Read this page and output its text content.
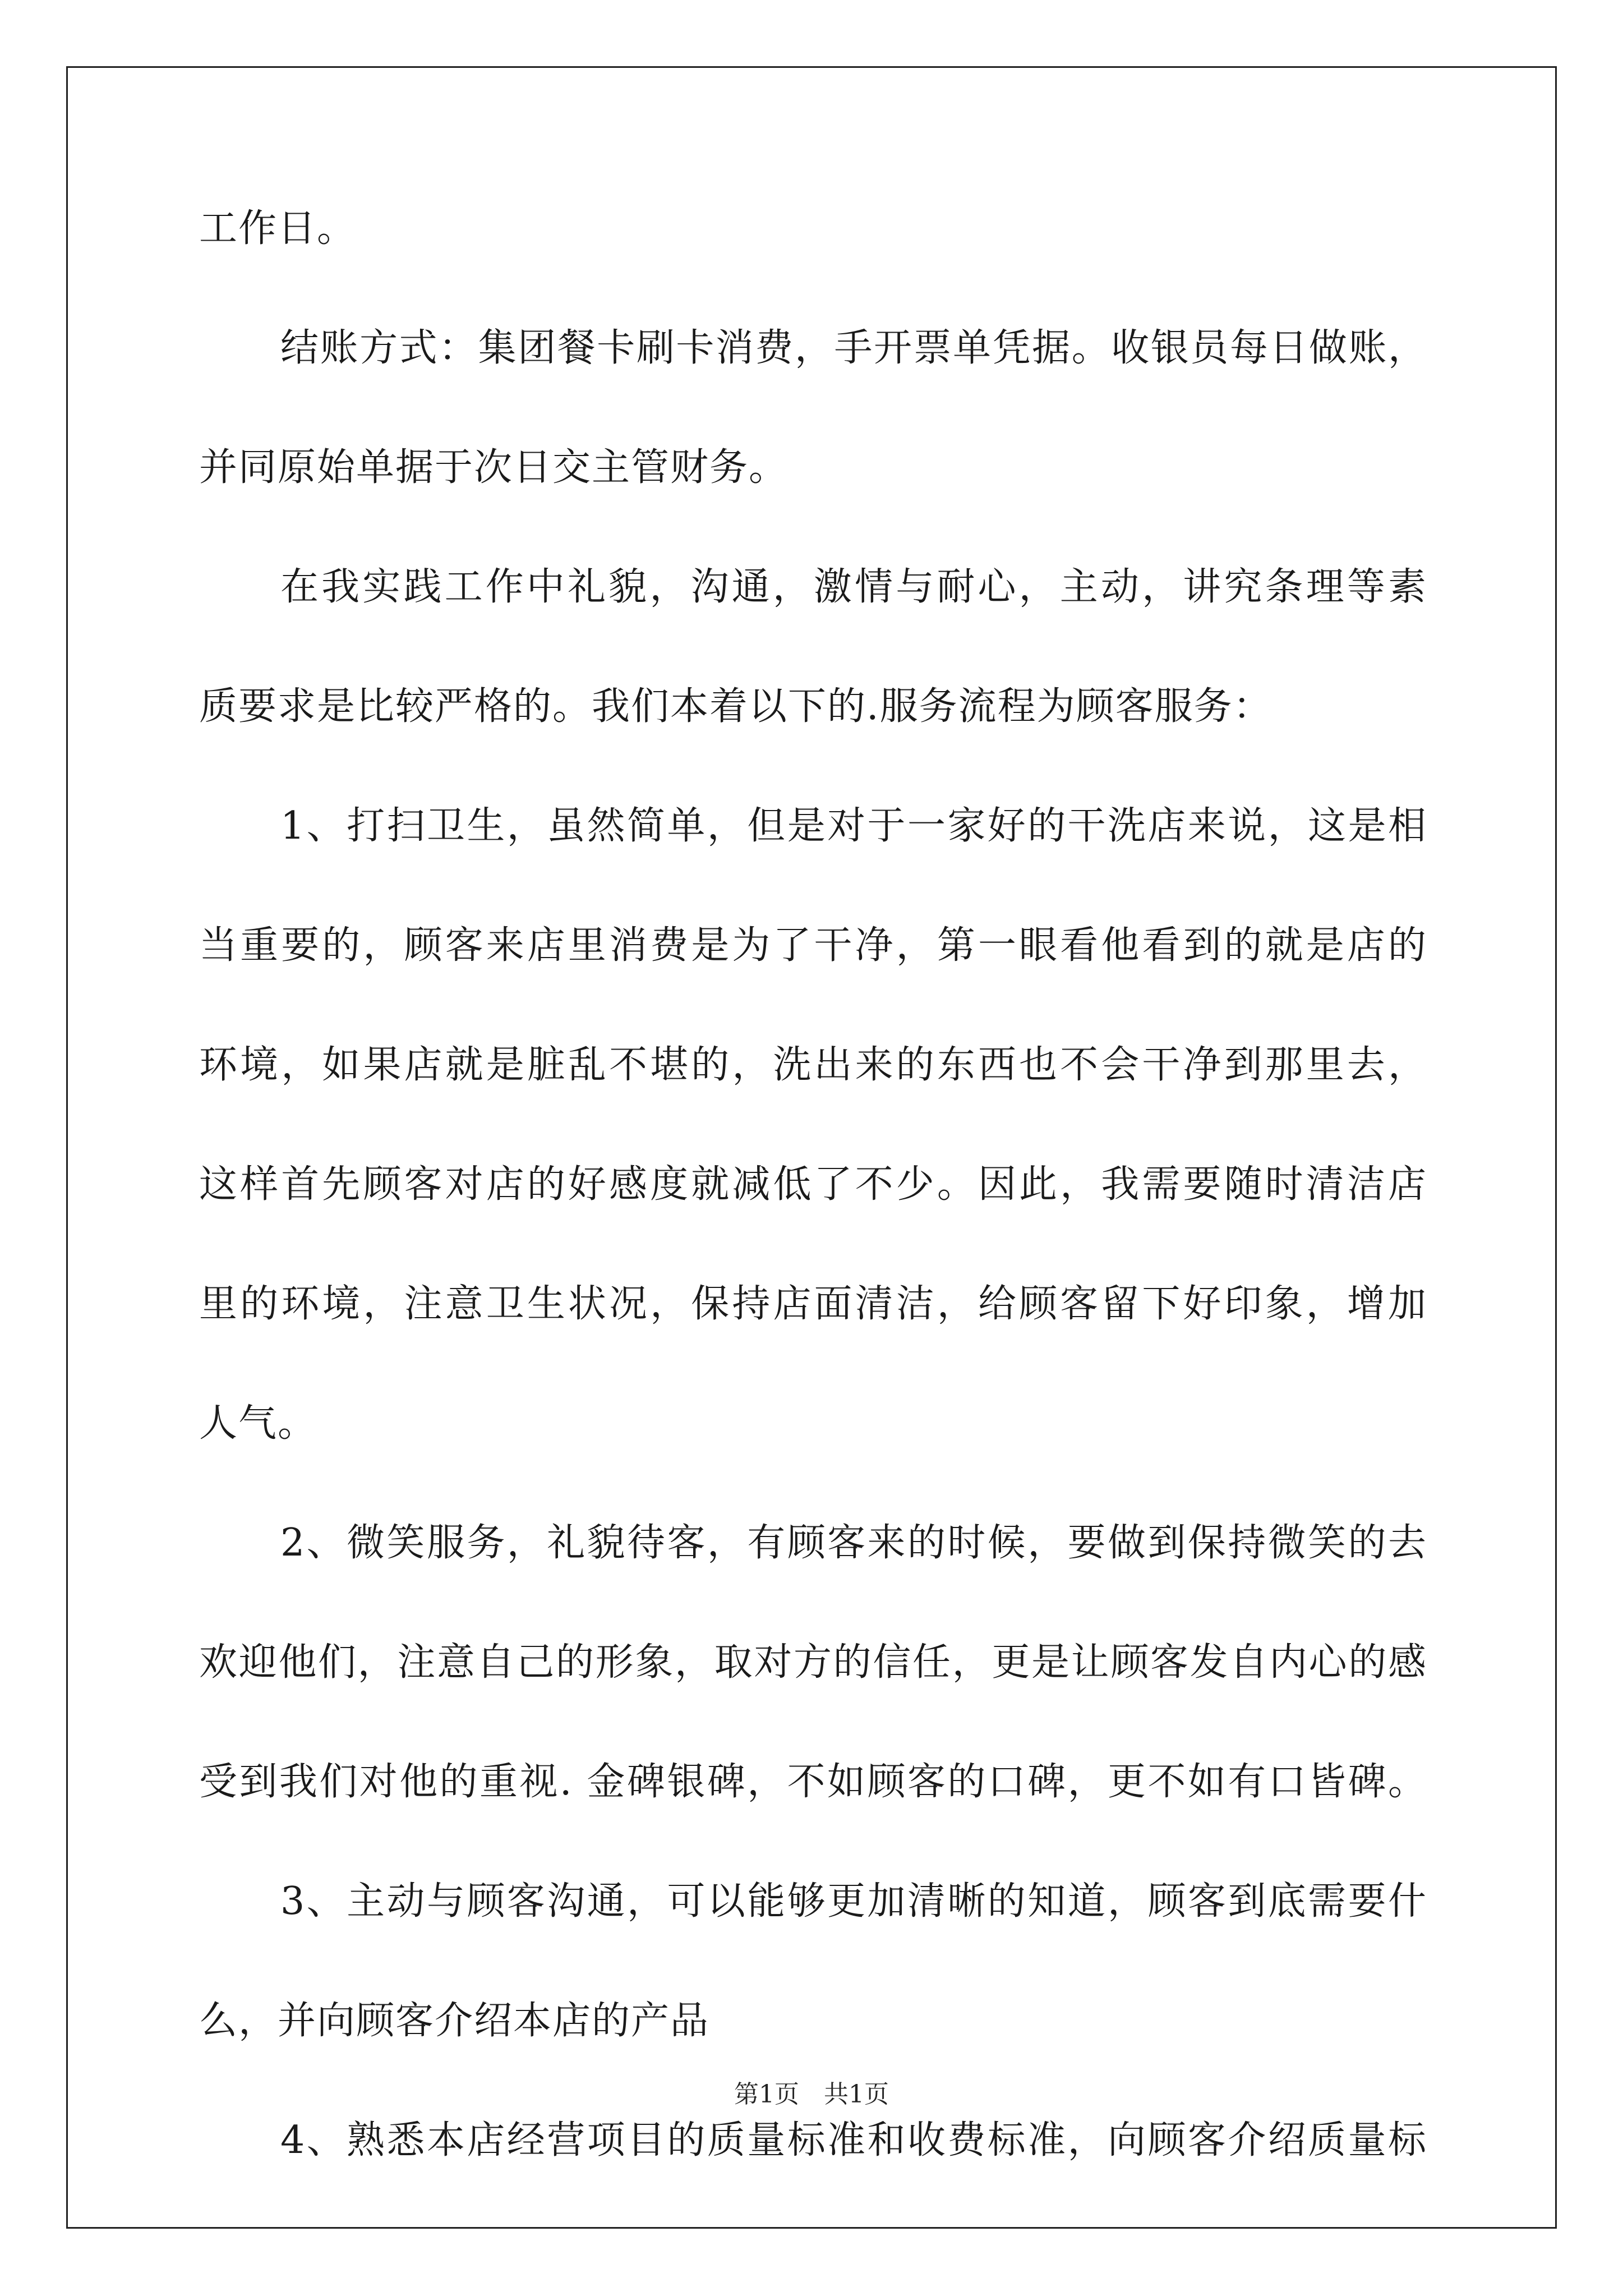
工作日。
结账方式：集团餐卡刷卡消费，手开票单凭据。收银员每日做账，
并同原始单据于次日交主管财务。
在我实践工作中礼貌，沟通，激情与耐心，主动，讲究条理等素
质要求是比较严格的。我们本着以下的.服务流程为顾客服务：
1、打扫卫生，虽然简单，但是对于一家好的干洗店来说，这是相
当重要的，顾客来店里消费是为了干净，第一眼看他看到的就是店的
环境，如果店就是脏乱不堪的，洗出来的东西也不会干净到那里去，
这样首先顾客对店的好感度就减低了不少。因此，我需要随时清洁店
里的环境，注意卫生状况，保持店面清洁，给顾客留下好印象，增加
人气。
2、微笑服务，礼貌待客，有顾客来的时候，要做到保持微笑的去
欢迎他们，注意自己的形象，取对方的信任，更是让顾客发自内心的感
受到我们对他的重视. 金碑银碑，不如顾客的口碑，更不如有口皆碑。
3、主动与顾客沟通，可以能够更加清晰的知道，顾客到底需要什
么，并向顾客介绍本店的产品
4、熟悉本店经营项目的质量标准和收费标准，向顾客介绍质量标
第1页　共1页
